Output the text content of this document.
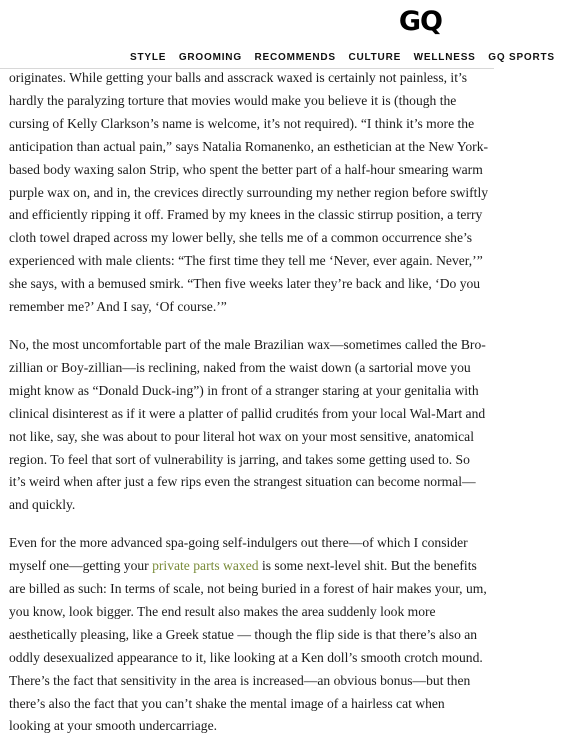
originates. While getting your balls and asscrack waxed is certainly not painless, it’s hardly the paralyzing torture that movies would make you believe it is (though the cursing of Kelly Clarkson’s name is welcome, it’s not required). “I think it’s more the anticipation than actual pain,” says Natalia Romanenko, an esthetician at the New York-based body waxing salon Strip, who spent the better part of a half-hour smearing warm purple wax on, and in, the crevices directly surrounding my nether region before swiftly and efficiently ripping it off. Framed by my knees in the classic stirrup position, a terry cloth towel draped across my lower belly, she tells me of a common occurrence she’s experienced with male clients: “The first time they tell me ‘Never, ever again. Never,’” she says, with a bemused smirk. “Then five weeks later they’re back and like, ‘Do you remember me?’ And I say, ‘Of course.’”

No, the most uncomfortable part of the male Brazilian wax—sometimes called the Bro-zillian or Boy-zillian—is reclining, naked from the waist down (a sartorial move you might know as “Donald Duck-ing”) in front of a stranger staring at your genitalia with clinical disinterest as if it were a platter of pallid crudités from your local Wal-Mart and not like, say, she was about to pour literal hot wax on your most sensitive, anatomical region. To feel that sort of vulnerability is jarring, and takes some getting used to. So it’s weird when after just a few rips even the strangest situation can become normal—and quickly.

Even for the more advanced spa-going self-indulgers out there—of which I consider myself one—getting your private parts waxed is some next-level shit. But the benefits are billed as such: In terms of scale, not being buried in a forest of hair makes your, um, you know, look bigger. The end result also makes the area suddenly look more aesthetically pleasing, like a Greek statue — though the flip side is that there’s also an oddly desexualized appearance to it, like looking at a Ken doll’s smooth crotch mound. There’s the fact that sensitivity in the area is increased—an obvious bonus—but then there’s also the fact that you can’t shake the mental image of a hairless cat when looking at your smooth undercarriage.

GQ
STYLE GROOMING RECOMMENDS CULTURE WELLNESS GQ SPORTS
